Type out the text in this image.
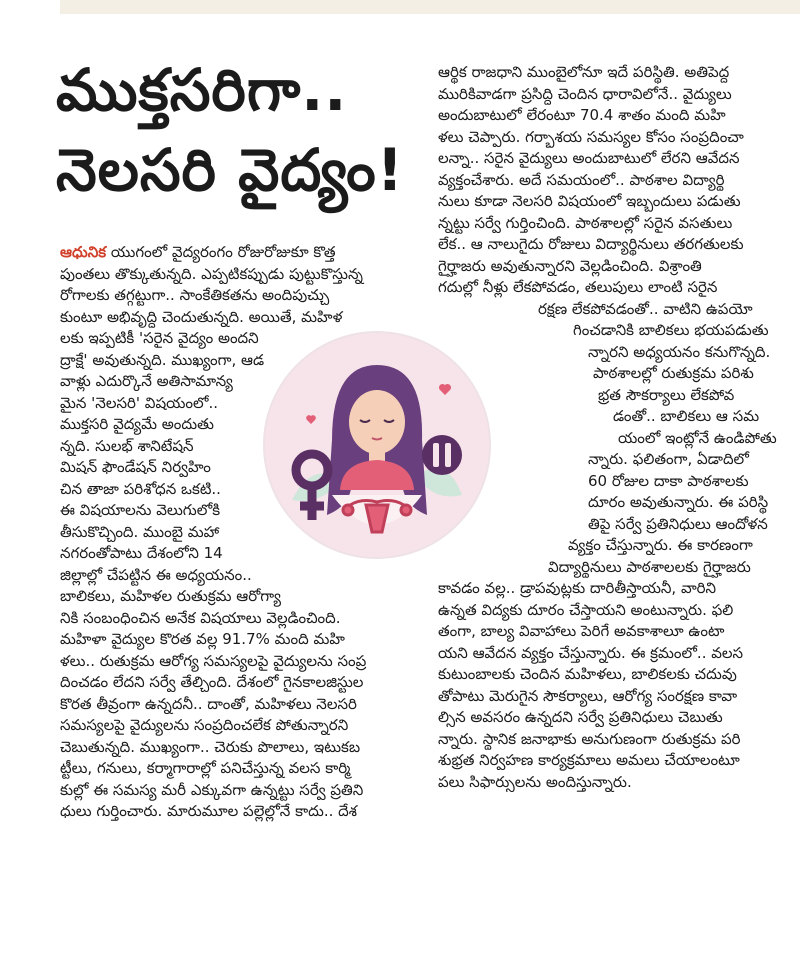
ముక్తసరిగా..
నెలసరి వైద్యం!
ఆధునిక యుగంలో వైద్యరంగం రోజురోజుకూ కొత్త
పుంతలు తొక్కుతున్నది. ఎప్పటికప్పుడు పుట్టుకొస్తున్న
రోగాలకు తగ్గట్టుగా.. సాంకేతికతను అందిపుచ్చు
కుంటూ అభివృద్ధి చెందుతున్నది. అయితే, మహిళ
లకు ఇప్పటికీ 'సరైన వైద్యం అందని
ద్రాక్షే' అవుతున్నది. ముఖ్యంగా, ఆడ
వాళ్లు ఎదుర్కొనే అతిసామాన్య
మైన 'నెలసరి' విషయంలో..
ముక్తసరి వైద్యమే అందుతు
న్నది. సులభ్ శానిటేషన్
మిషన్ ఫౌండేషన్ నిర్వహిం
చిన తాజా పరిశోధన ఒకటి..
ఈ విషయాలను వెలుగులోకి
తీసుకొచ్చింది. ముంబై మహా
నగరంతోపాటు దేశంలోని 14
జిల్లాల్లో చేపట్టిన ఈ అధ్యయనం..
బాలికలు, మహిళల రుతుక్రమ ఆరోగ్యా
నికి సంబంధించిన అనేక విషయాలు వెల్లడించింది.
మహిళా వైద్యుల కొరత వల్ల 91.7% మంది మహి
ళలు.. రుతుక్రమ ఆరోగ్య సమస్యలపై వైద్యులను సంప్ర
దించడం లేదని సర్వే తేల్చింది. దేశంలో గైనకాలజిస్టుల
కొరత తీవ్రంగా ఉన్నదనీ.. దాంతో, మహిళలు నెలసరి
సమస్యలపై వైద్యులను సంప్రదించలేక పోతున్నారని
చెబుతున్నది. ముఖ్యంగా.. చెరుకు పొలాలు, ఇటుకబ
ట్టీలు, గనులు, కర్మాగారాల్లో పనిచేస్తున్న వలస కార్మి
కుల్లో ఈ సమస్య మరీ ఎక్కువగా ఉన్నట్టు సర్వే ప్రతిని
ధులు గుర్తించారు. మారుమూల పల్లెల్లోనే కాదు.. దేశ
ఆర్థిక రాజధాని ముంబైలోనూ ఇదే పరిస్థితి. అతిపెద్ద
మురికివాడగా ప్రసిద్ధి చెందిన ధారావిలోనే.. వైద్యులు
అందుబాటులో లేరంటూ 70.4 శాతం మంది మహి
ళలు చెప్పారు. గర్భాశయ సమస్యల కోసం సంప్రదించా
లన్నా.. సరైన వైద్యులు అందుబాటులో లేరని ఆవేదన
వ్యక్తంచేశారు. అదే సమయంలో.. పాఠశాల విద్యార్థి
నులు కూడా నెలసరి విషయంలో ఇబ్బందులు పడుతు
న్నట్టు సర్వే గుర్తించింది. పాఠశాలల్లో సరైన వసతులు
లేక.. ఆ నాలుగైదు రోజులు విద్యార్థినులు తరగతులకు
గైర్హాజరు అవుతున్నారని వెల్లడించింది. విశ్రాంతి
గదుల్లో నీళ్లు లేకపోవడం, తలుపులు లాంటి సరైన
రక్షణ లేకపోవడంతో.. వాటిని ఉపయో
గించడానికి బాలికలు భయపడుతు
న్నారని అధ్యయనం కనుగొన్నది.
పాఠశాలల్లో రుతుక్రమ పరిశు
భ్రత సౌకర్యాలు లేకపోవ
డంతో.. బాలికలు ఆ సమ
యంలో ఇంట్లోనే ఉండిపోతు
న్నారు. ఫలితంగా, ఏడాదిలో
60 రోజుల దాకా పాఠశాలకు
దూరం అవుతున్నారు. ఈ పరిస్థి
తిపై సర్వే ప్రతినిధులు ఆందోళన
వ్యక్తం చేస్తున్నారు. ఈ కారణంగా
విద్యార్థినులు పాఠశాలలకు గైర్హాజరు
కావడం వల్ల.. డ్రాపవుట్లకు దారితీస్తాయనీ, వారిని
ఉన్నత విద్యకు దూరం చేస్తాయని అంటున్నారు. ఫలి
తంగా, బాల్య వివాహాలు పెరిగే అవకాశాలూ ఉంటా
యని ఆవేదన వ్యక్తం చేస్తున్నారు. ఈ క్రమంలో.. వలస
కుటుంబాలకు చెందిన మహిళలు, బాలికలకు చదువు
తోపాటు మెరుగైన సౌకర్యాలు, ఆరోగ్య సంరక్షణ కావా
ల్సిన అవసరం ఉన్నదని సర్వే ప్రతినిధులు చెబుతు
న్నారు. స్థానిక జనాభాకు అనుగుణంగా రుతుక్రమ పరి
శుభ్రత నిర్వహణ కార్యక్రమాలు అమలు చేయాలంటూ
పలు సిఫార్సులను అందిస్తున్నారు.
